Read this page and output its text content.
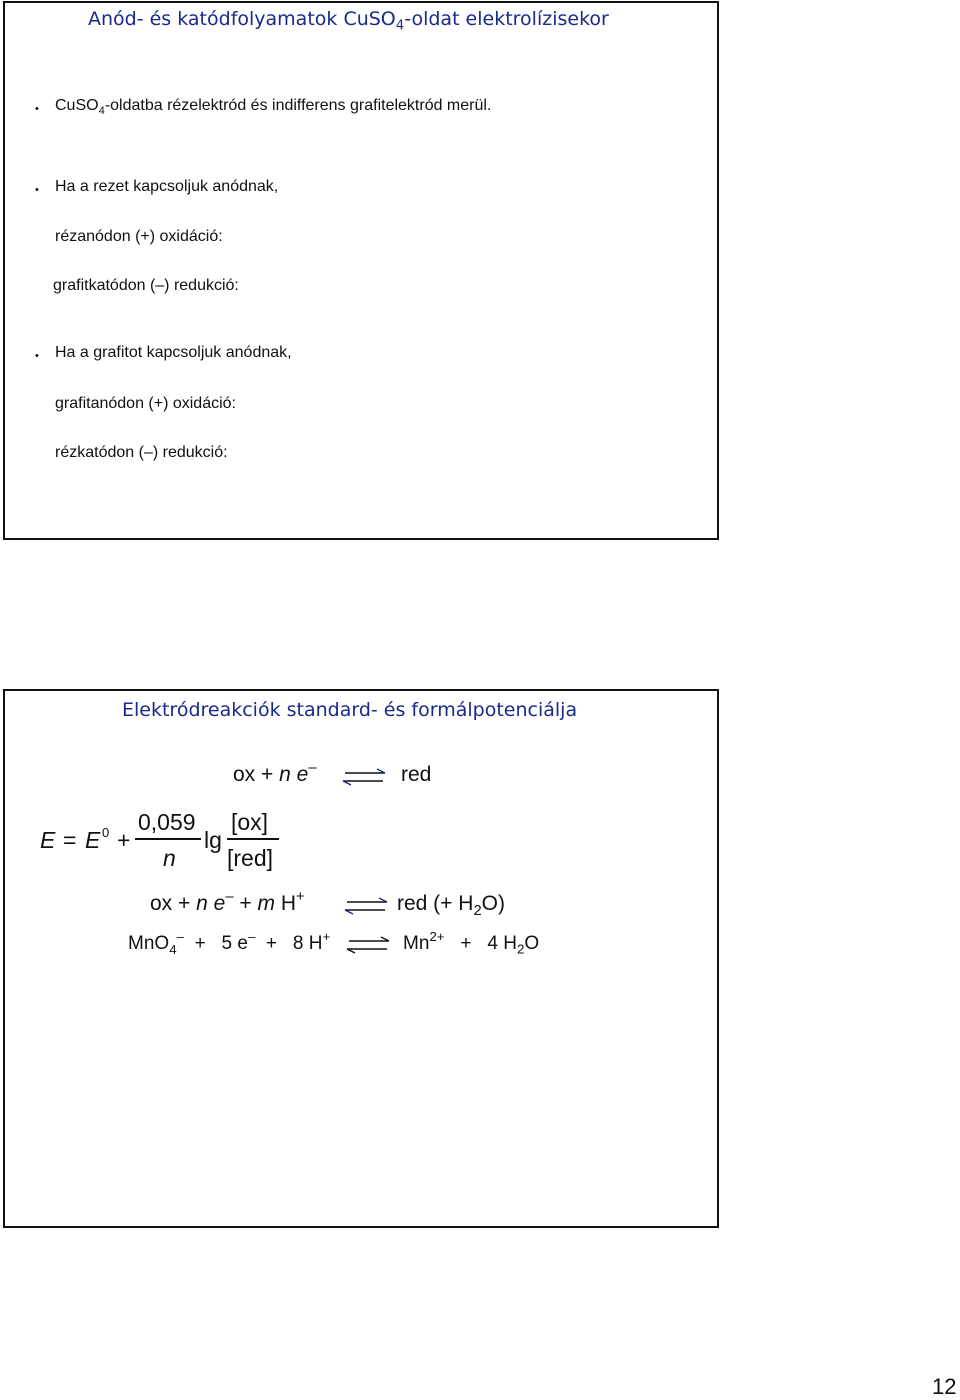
Anód- és katódfolyamatok CuSO$_4$-oldat elektrolízisekor
• CuSO$_4$-oldatba rézelektród és indifferens grafitelektród merül.
• Ha a rezet kapcsoljuk anódnak,
rézanódon (+) oxidáció:
grafitkatódon (–) redukció:
• Ha a grafitot kapcsoljuk anódnak,
grafitanódon (+) oxidáció:
rézkatódon (–) redukció:
Elektródreakciók standard- és formálpotenciálja
ox + n e– ⇌ red
E = E 0 +
0,059
n
lg
[ox]
[red]
ox + n e– + m H+ ⇌ red (+ $H_2O$)
MnO$_4$– + 5 e– + 8 H+ ⇌ $Mn^{2+} + 4$ $H_2O$
12
